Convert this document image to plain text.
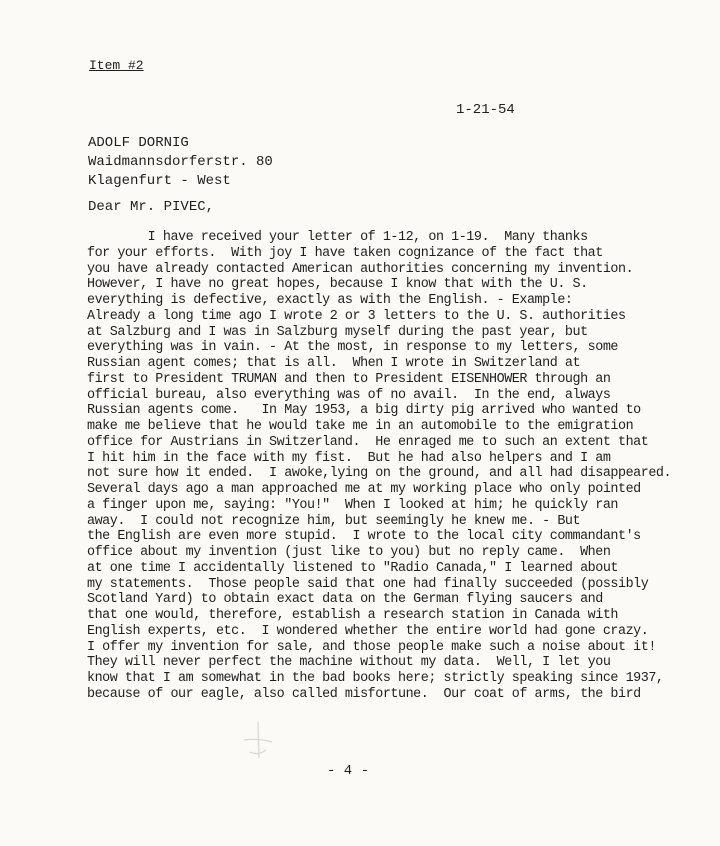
Item #2
1-21-54
ADOLF DORNIG
Waidmannsdorferstr. 80
Klagenfurt - West
Dear Mr. PIVEC,
I have received your letter of 1-12, on 1-19.  Many thanks
for your efforts.  With joy I have taken cognizance of the fact that
you have already contacted American authorities concerning my invention.
However, I have no great hopes, because I know that with the U. S.
everything is defective, exactly as with the English. - Example:
Already a long time ago I wrote 2 or 3 letters to the U. S. authorities
at Salzburg and I was in Salzburg myself during the past year, but
everything was in vain. - At the most, in response to my letters, some
Russian agent comes; that is all.  When I wrote in Switzerland at
first to President TRUMAN and then to President EISENHOWER through an
official bureau, also everything was of no avail.  In the end, always
Russian agents come.   In May 1953, a big dirty pig arrived who wanted to
make me believe that he would take me in an automobile to the emigration
office for Austrians in Switzerland.  He enraged me to such an extent that
I hit him in the face with my fist.  But he had also helpers and I am
not sure how it ended.  I awoke,lying on the ground, and all had disappeared.
Several days ago a man approached me at my working place who only pointed
a finger upon me, saying: "You!"  When I looked at him; he quickly ran
away.  I could not recognize him, but seemingly he knew me. - But
the English are even more stupid.  I wrote to the local city commandant's
office about my invention (just like to you) but no reply came.  When
at one time I accidentally listened to "Radio Canada," I learned about
my statements.  Those people said that one had finally succeeded (possibly
Scotland Yard) to obtain exact data on the German flying saucers and
that one would, therefore, establish a research station in Canada with
English experts, etc.  I wondered whether the entire world had gone crazy.
I offer my invention for sale, and those people make such a noise about it!
They will never perfect the machine without my data.  Well, I let you
know that I am somewhat in the bad books here; strictly speaking since 1937,
because of our eagle, also called misfortune.  Our coat of arms, the bird
- 4 -
